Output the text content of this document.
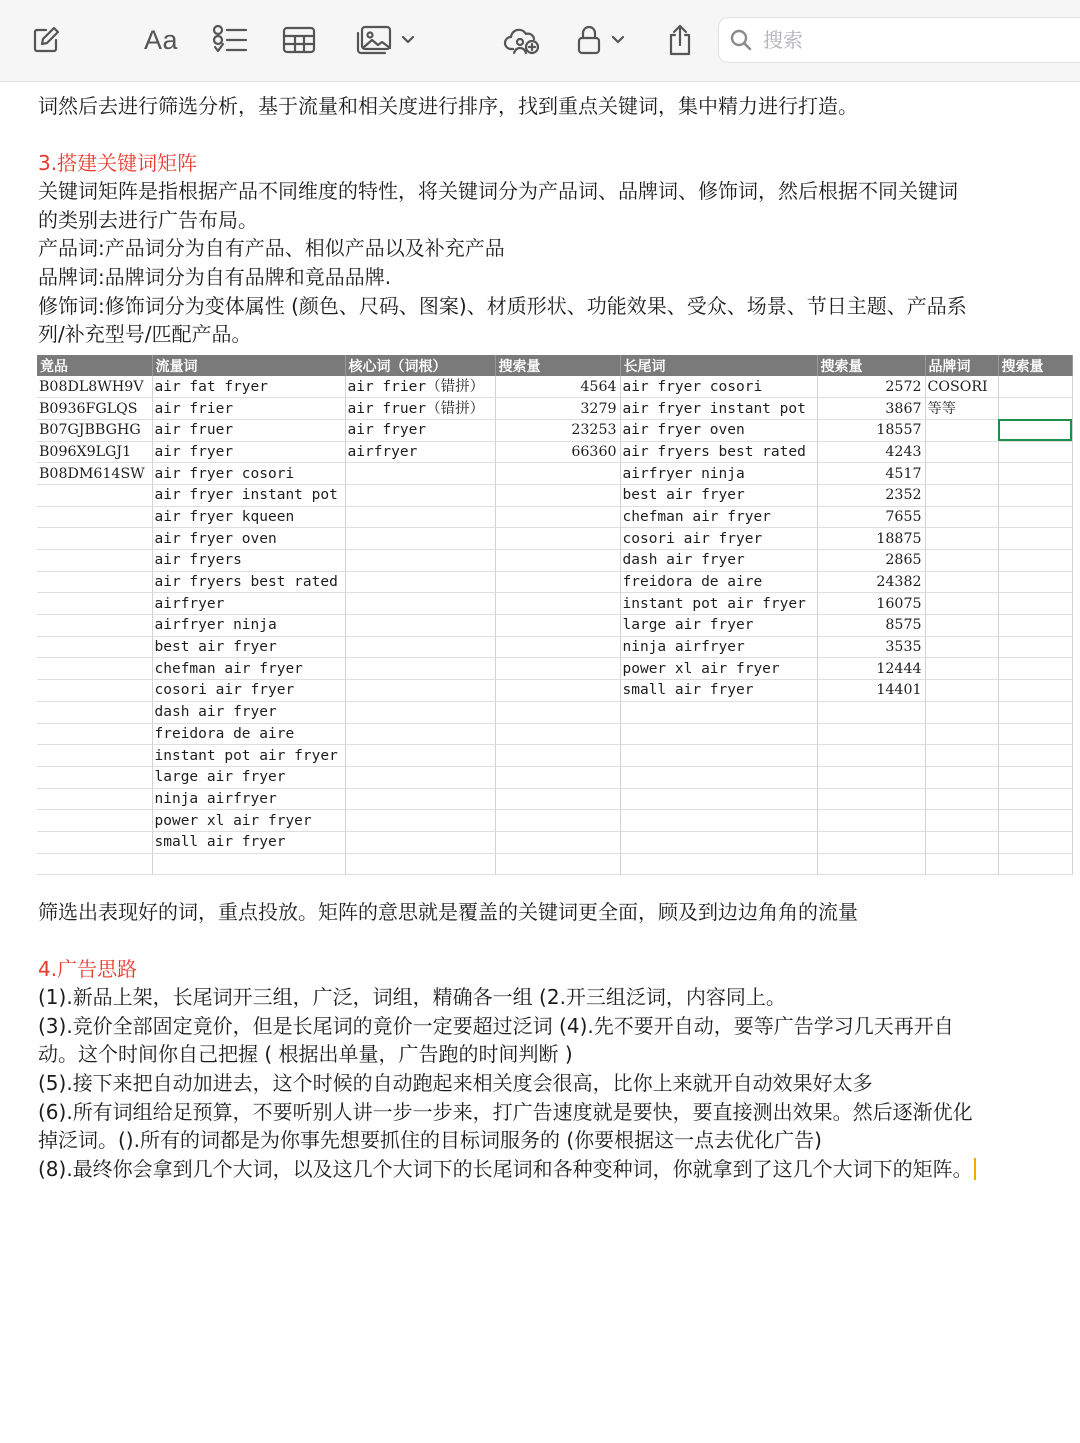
Aa
搜索
词然后去进行筛选分析，基于流量和相关度进行排序，找到重点关键词，集中精力进行打造。
3.搭建关键词矩阵
关键词矩阵是指根据产品不同维度的特性，将关键词分为产品词、品牌词、修饰词，然后根据不同关键词
的类别去进行广告布局。
产品词:产品词分为自有产品、相似产品以及补充产品
品牌词:品牌词分为自有品牌和竟品品牌.
修饰词:修饰词分为变体属性 (颜色、尺码、图案)、材质形状、功能效果、受众、场景、节日主题、产品系
列/补充型号/匹配产品。
竟品	流量词	核心词（词根）	搜索量	长尾词	搜索量	品牌词	搜索量
B08DL8WH9V	air fat fryer	air frier（错拼）	4564	air fryer cosori	2572	COSORI	
B0936FGLQS	air frier	air fruer（错拼）	3279	air fryer instant pot	3867	等等	
B07GJBBGHG	air fruer	air fryer	23253	air fryer oven	18557		
B096X9LGJ1	air fryer	airfryer	66360	air fryers best rated	4243		
B08DM614SW	air fryer cosori			airfryer ninja	4517		
	air fryer instant pot			best air fryer	2352		
	air fryer kqueen			chefman air fryer	7655		
	air fryer oven			cosori air fryer	18875		
	air fryers			dash air fryer	2865		
	air fryers best rated			freidora de aire	24382		
	airfryer			instant pot air fryer	16075		
	airfryer ninja			large air fryer	8575		
	best air fryer			ninja airfryer	3535		
	chefman air fryer			power xl air fryer	12444		
	cosori air fryer			small air fryer	14401		
	dash air fryer						
	freidora de aire						
	instant pot air fryer						
	large air fryer						
	ninja airfryer						
	power xl air fryer						
	small air fryer						

筛选出表现好的词，重点投放。矩阵的意思就是覆盖的关键词更全面，顾及到边边角角的流量
4.广告思路
(1).新品上架，长尾词开三组，广泛，词组，精确各一组 (2.开三组泛词，内容同上。
(3).竞价全部固定竟价，但是长尾词的竟价一定要超过泛词 (4).先不要开自动，要等广告学习几天再开自
动。这个时间你自己把握 ( 根据出单量，广告跑的时间判断 )
(5).接下来把自动加进去，这个时候的自动跑起来相关度会很高，比你上来就开自动效果好太多
(6).所有词组给足预算，不要听别人讲一步一步来，打广告速度就是要快，要直接测出效果。然后逐渐优化
掉泛词。().所有的词都是为你事先想要抓住的目标词服务的 (你要根据这一点去优化广告)
(8).最终你会拿到几个大词，以及这几个大词下的长尾词和各种变种词，你就拿到了这几个大词下的矩阵。
